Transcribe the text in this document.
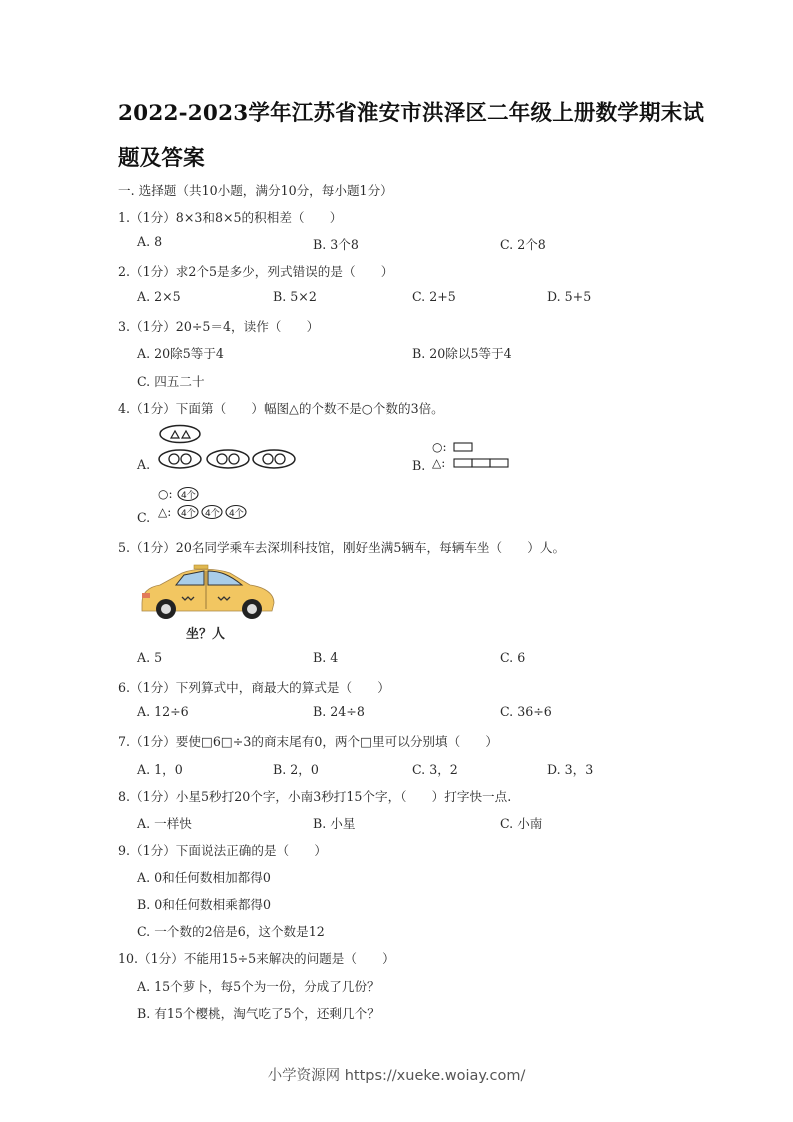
2022-2023学年江苏省淮安市洪泽区二年级上册数学期末试
题及答案
一. 选择题（共10小题，满分10分，每小题1分）
1.（1分）8×3和8×5的积相差（　　）
A. 8	B. 3个8	C. 2个8
2.（1分）求2个5是多少，列式错误的是（　　）
A. 2×5	B. 5×2	C. 2+5	D. 5+5
3.（1分）20÷5＝4，读作（　　）
A. 20除5等于4	B. 20除以5等于4
C. 四五二十
4.（1分）下面第（　　）幅图△的个数不是○个数的3倍。
A.	B.
○:
△:
C.
○: 4个
△: 4个 4个 4个
5.（1分）20名同学乘车去深圳科技馆，刚好坐满5辆车，每辆车坐（　　）人。
坐？人
A. 5	B. 4	C. 6
6.（1分）下列算式中，商最大的算式是（　　）
A. 12÷6	B. 24÷8	C. 36÷6
7.（1分）要使□6□÷3的商末尾有0，两个□里可以分别填（　　）
A. 1，0	B. 2，0	C. 3，2	D. 3，3
8.（1分）小星5秒打20个字，小南3秒打15个字，（　　）打字快一点.
A. 一样快	B. 小星	C. 小南
9.（1分）下面说法正确的是（　　）
A. 0和任何数相加都得0
B. 0和任何数相乘都得0
C. 一个数的2倍是6，这个数是12
10.（1分）不能用15÷5来解决的问题是（　　）
A. 15个萝卜，每5个为一份，分成了几份？
B. 有15个樱桃，淘气吃了5个，还剩几个？
小学资源网 https://xueke.woiay.com/
